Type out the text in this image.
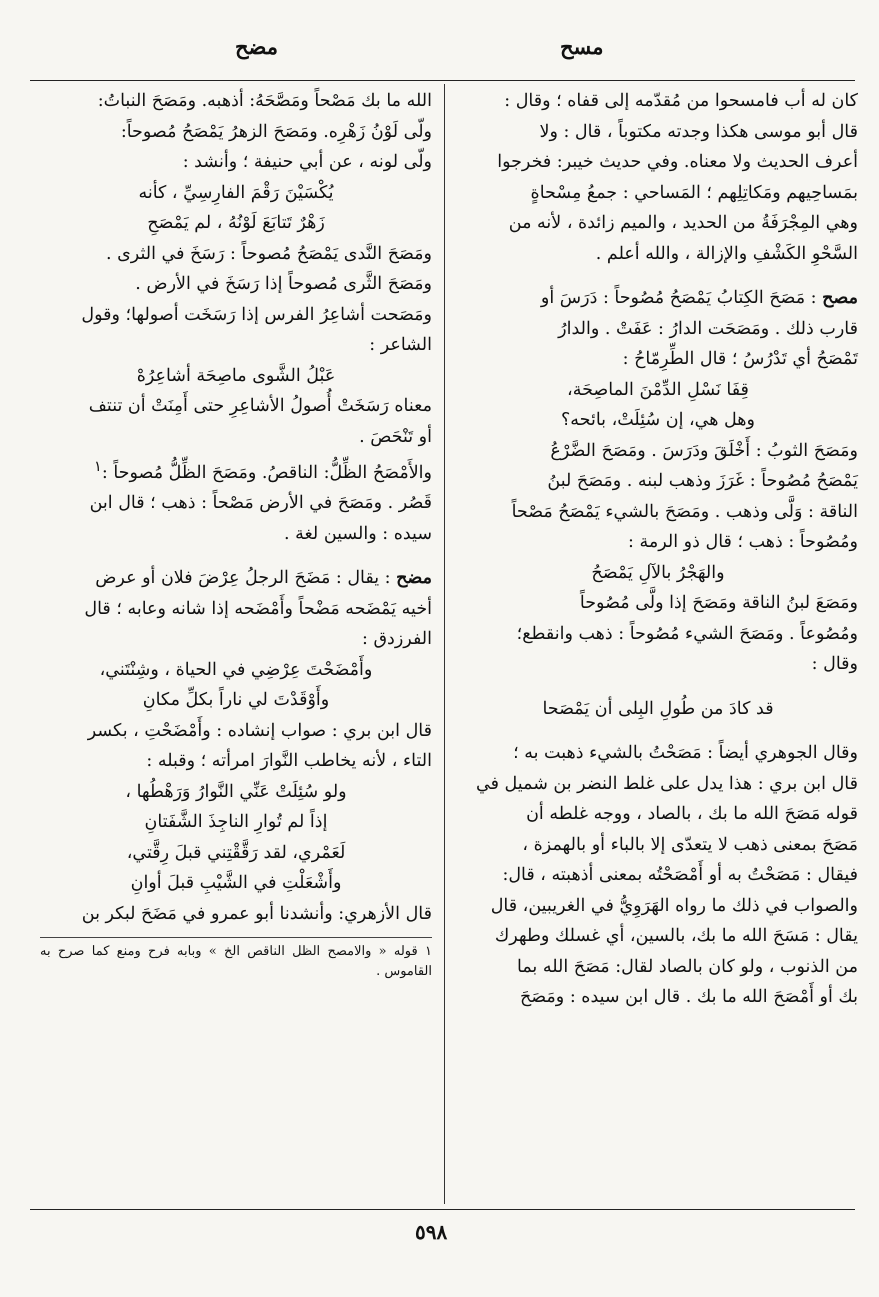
مسح
مضح

كان له أب فامسحوا من مُقدّمه إلى قفاه ؛ وقال :

قال أبو موسى هكذا وجدته مكتوباً ، قال : ولا

أعرف الحديث ولا معناه. وفي حديث خيبر: فخرجوا

بمَساحِيهم ومَكاتِلِهم ؛ المَساحي : جمعُ مِسْحاةٍ

وهي المِجْرَفَةُ من الحديد ، والميم زائدة ، لأنه من

السَّحْوِ الكَشْفِ والإزالة ، والله أعلم .

مصح : مَصَحَ الكِتابُ يَمْصَحُ مُصُوحاً : دَرَسَ أو

قارب ذلك . ومَصَحَت الدارُ : عَفَتْ . والدارُ

تَمْصَحُ أي تَدْرُسُ ؛ قال الطِّرِمّاحُ :

قِفَا نَسْلِ الدِّمْنَ الماصِحَة،

وهل هي، إن سُئِلَتْ، بائحه؟

ومَصَحَ الثوبُ : أَخْلَقَ ودَرَسَ . ومَصَحَ الضَّرْعُ

يَمْصَحُ مُصُوحاً : غَرَزَ وذهب لبنه . ومَصَحَ لبنُ

الناقة : وَلَّى وذهب . ومَصَحَ بالشيء يَمْصَحُ مَصْحاً

ومُصُوحاً : ذهب ؛ قال ذو الرمة :

والهَجْرُ بالآلِ يَمْصَحُ

ومَصَعَ لبنُ الناقة ومَصَحَ إذا ولَّى مُصُوحاً

ومُصُوعاً . ومَصَحَ الشيء مُصُوحاً : ذهب وانقطع؛

وقال :

قد كادَ من طُولِ البِلى أن يَمْصَحا

وقال الجوهري أيضاً : مَصَحْتُ بالشيء ذهبت به ؛

قال ابن بري : هذا يدل على غلط النضر بن شميل في

قوله مَصَحَ الله ما بك ، بالصاد ، ووجه غلطه أن

مَصَحَ بمعنى ذهب لا يتعدّى إلا بالباء أو بالهمزة ،

فيقال : مَصَحْتُ به أو أَمْصَحْتُه بمعنى أذهبته ، قال:

والصواب في ذلك ما رواه الهَرَوِيُّ في الغريبين، قال

يقال : مَسَحَ الله ما بك، بالسين، أي غسلك وطهرك

من الذنوب ، ولو كان بالصاد لقال: مَصَحَ الله بما

بك أو أَمْصَحَ الله ما بك . قال ابن سيده : ومَصَحَ

الله ما بك مَصْحاً ومَصَّحَهُ: أذهبه. ومَصَحَ النباتُ:

ولّى لَوْنُ زَهْرِه. ومَصَحَ الزهرُ يَمْصَحُ مُصوحاً:

ولّى لونه ، عن أبي حنيفة ؛ وأنشد :

يُكْسَيْنَ رَقْمَ الفارِسِيِّ ، كأنه

زَهْرٌ تَتابَعَ لَوْنُهُ ، لم يَمْصَحِ

ومَصَحَ النَّدى يَمْصَحُ مُصوحاً : رَسَخَ في الثرى .

ومَصَحَ الثَّرى مُصوحاً إذا رَسَخَ في الأرض .

ومَصَحت أشاعِرُ الفرس إذا رَسَخَت أصولها؛ وقول

الشاعر :

عَبْلُ الشَّوى ماصِحَة أشاعِرُهْ

معناه رَسَخَتْ أُصولُ الأشاعِرِ حتى أَمِنَتْ أن تنتف

أو تَنْحَصَ .

والأَمْصَحُ الظِّلُّ: الناقصُ. ومَصَحَ الظِّلُّ مُصوحاً :$^١$

قَصُر . ومَصَحَ في الأرض مَصْحاً : ذهب ؛ قال ابن

سيده : والسين لغة .

مضح : يقال : مَضَحَ الرجلُ عِرْضَ فلان أو عرض

أخيه يَمْضَحه مَضْحاً وأَمْضَحه إذا شانه وعابه ؛ قال

الفرزدق :

وأَمْضَحْتَ عِرْضِي في الحياة ، وشِنْتَني،

وأَوْقَدْتَ لي ناراً بكلِّ مكانِ

قال ابن بري : صواب إنشاده : وأَمْضَحْتِ ، بكسر

التاء ، لأنه يخاطب النَّوارَ امرأته ؛ وقبله :

ولو سُئِلَتْ عَنِّي النَّوارُ وَرَهْطُها ،

إذاً لم تُوارِ الناجِذَ الشَّفَتانِ

لَعَمْري، لقد رَقَّقْتِني قبلَ رِقَّتي،

وأَشْعَلْتِ في الشَّيْبِ قبلَ أوانِ

قال الأزهري: وأنشدنا أبو عمرو في مَضَحَ لبكر بن

١ قوله « والامصح الظل الناقص الخ » وبابه فرح ومنع كما صرح به القاموس .

٥٩٨
